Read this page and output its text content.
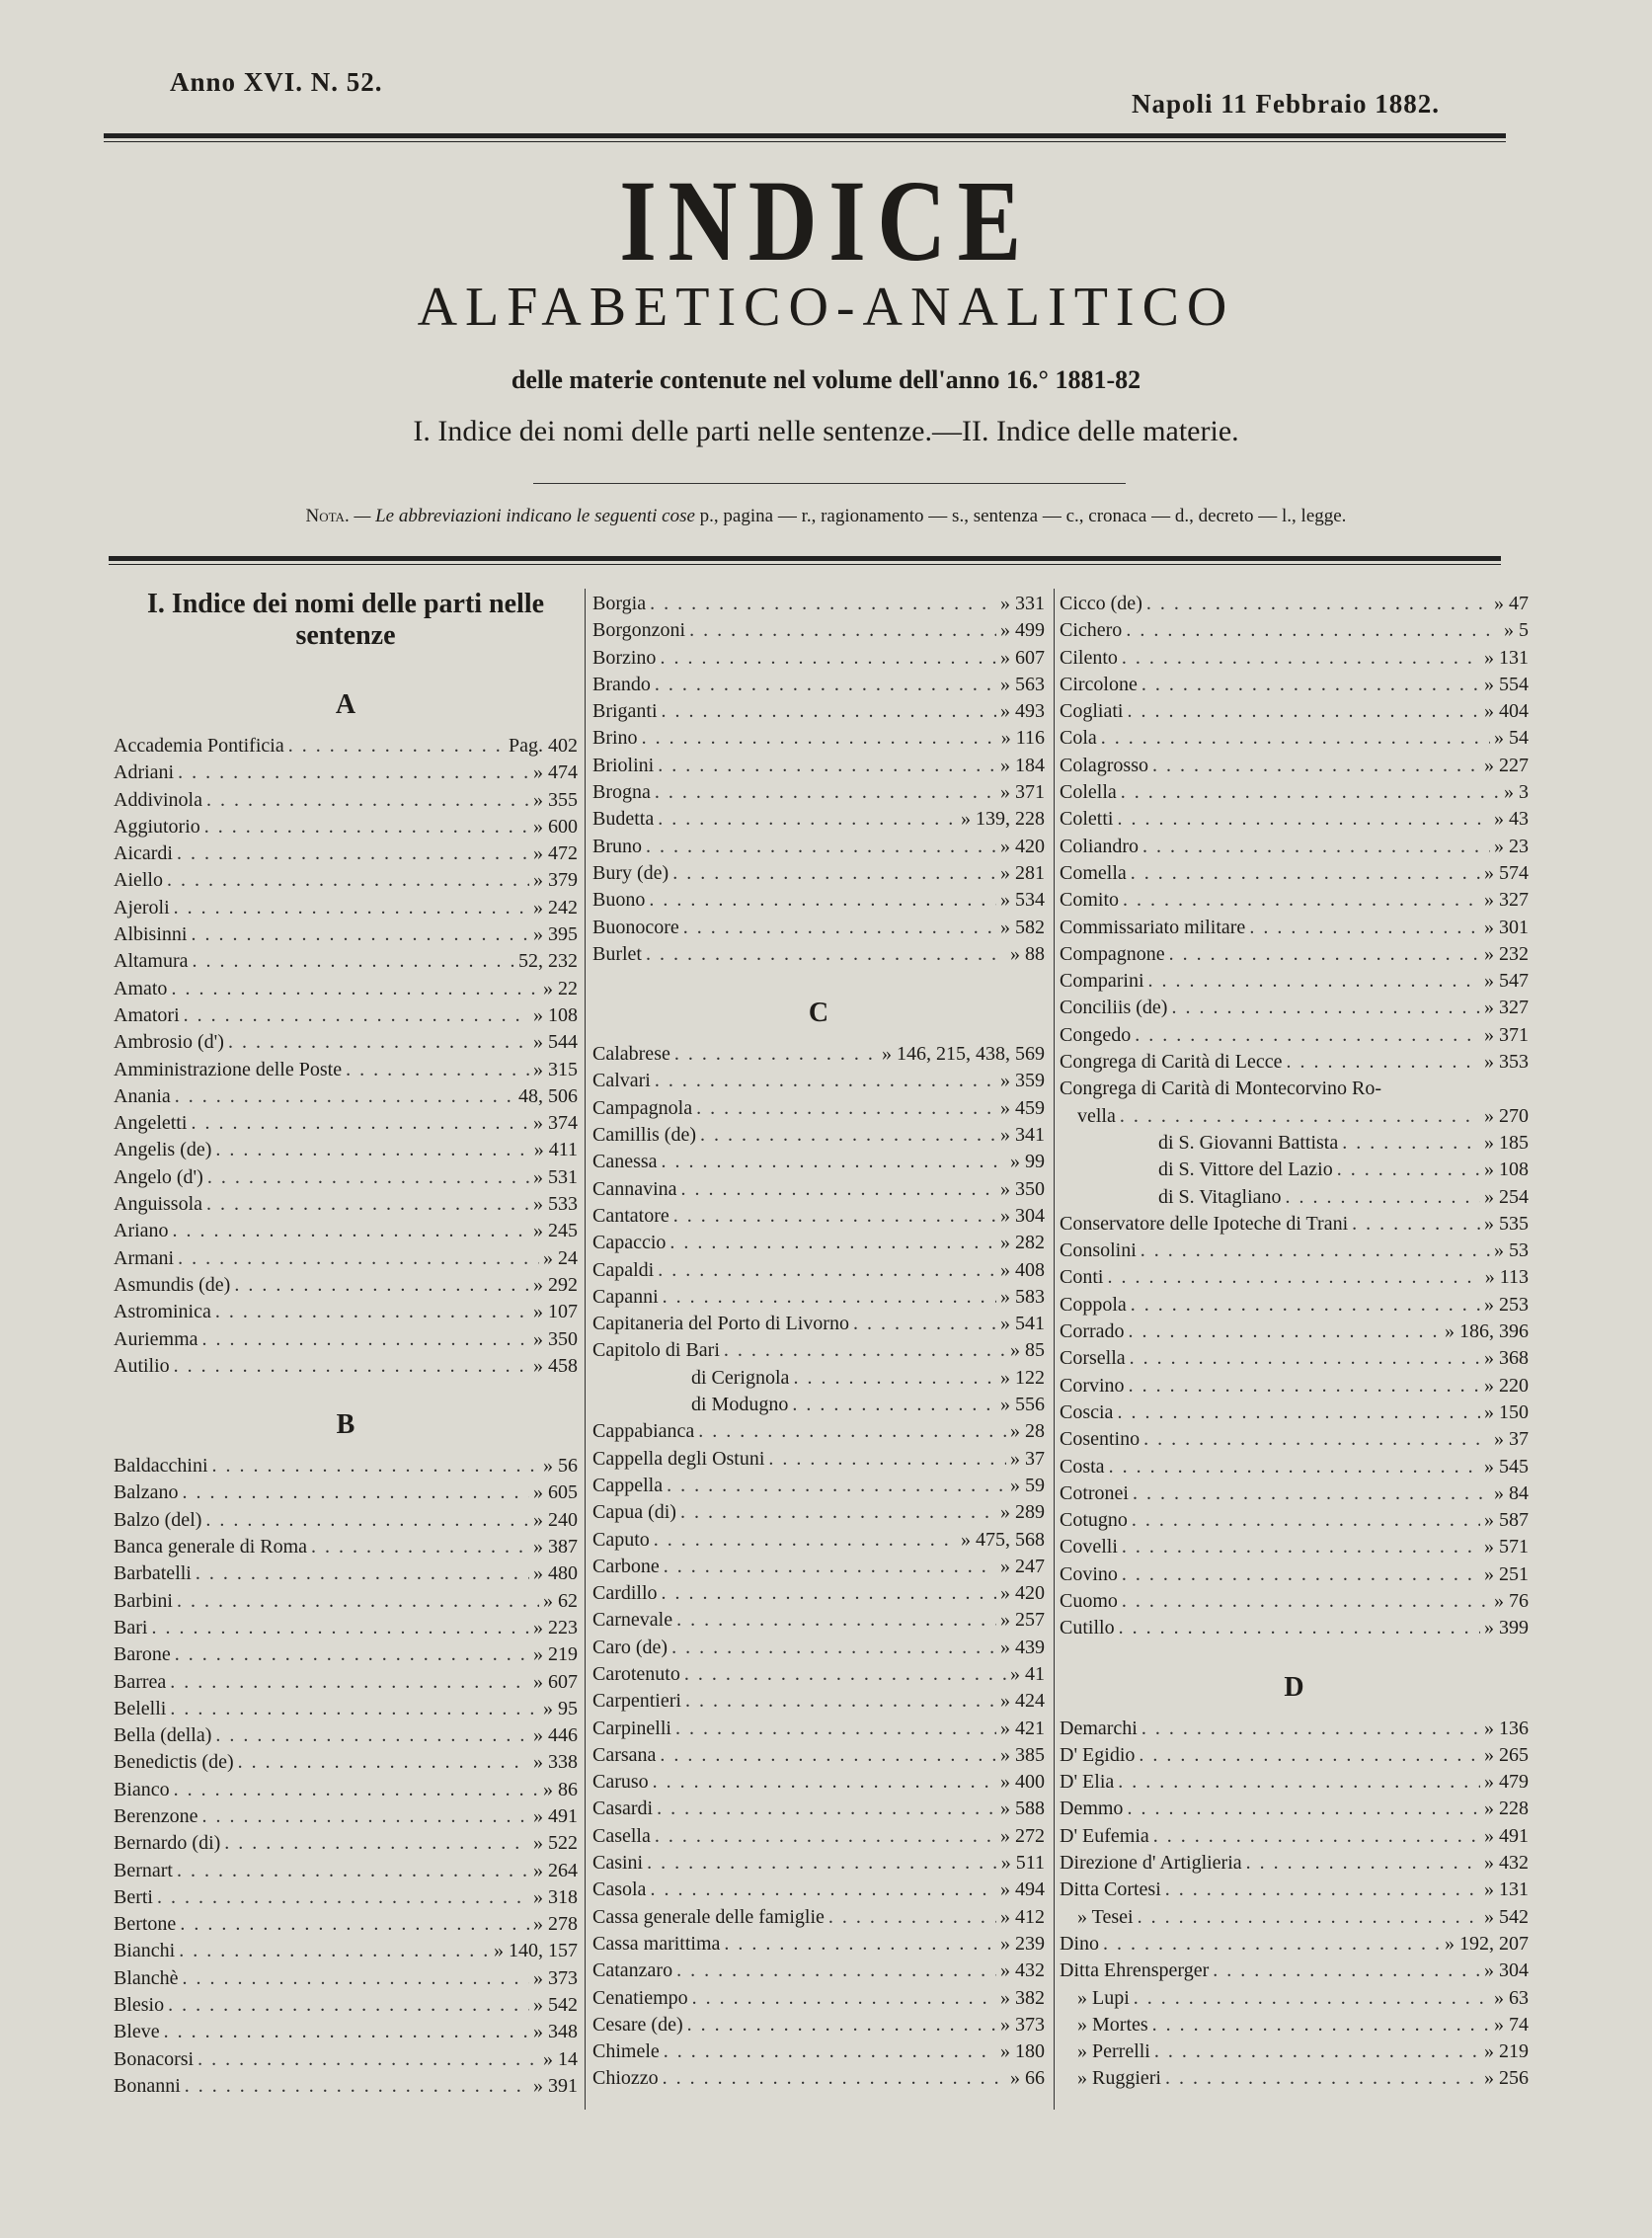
Anno XVI. N. 52.
Napoli 11 Febbraio 1882.
INDICE
ALFABETICO-ANALITICO
delle materie contenute nel volume dell'anno 16.° 1881-82
I. Indice dei nomi delle parti nelle sentenze.—II. Indice delle materie.
Nota. — Le abbreviazioni indicano le seguenti cose p., pagina — r., ragionamento — s., sentenza — c., cronaca — d., decreto — l., legge.
I. Indice dei nomi delle parti nelle sentenze
A
Accademia Pontificia . . .	Pag. 402
Adriani . . .	» 474
Addivinola . . .	» 355
Aggiutorio . . .	» 600
Aicardi . . .	» 472
Aiello . . .	» 379
Ajeroli . . .	» 242
Albisinni . . .	» 395
Altamura . . .	52, 232
Amato . . .	» 22
Amatori . . .	» 108
Ambrosio (d') . . .	» 544
Amministrazione delle Poste . . .	» 315
Anania . . .	48, 506
Angeletti . . .	» 374
Angelis (de) . . .	» 411
Angelo (d') . . .	» 531
Anguissola . . .	» 533
Ariano . . .	» 245
Armani . . .	» 24
Asmundis (de) . . .	» 292
Astrominica . . .	» 107
Auriemma . . .	» 350
Autilio . . .	» 458
B
Baldacchini . . .	» 56
Balzano . . .	» 605
Balzo (del) . . .	» 240
Banca generale di Roma . . .	» 387
Barbatelli . . .	» 480
Barbini . . .	» 62
Bari . . .	» 223
Barone . . .	» 219
Barrea . . .	» 607
Belelli . . .	» 95
Bella (della) . . .	» 446
Benedictis (de) . . .	» 338
Bianco . . .	» 86
Berenzone . . .	» 491
Bernardo (di) . . .	» 522
Bernart . . .	» 264
Berti . . .	» 318
Bertone . . .	» 278
Bianchi . . .	» 140, 157
Blanchè . . .	» 373
Blesio . . .	» 542
Bleve . . .	» 348
Bonacorsi . . .	» 14
Bonanni . . .	» 391
Borgia . . .	» 331
Borgonzoni . . .	» 499
Borzino . . .	» 607
Brando . . .	» 563
Briganti . . .	» 493
Brino . . .	» 116
Briolini . . .	» 184
Brogna . . .	» 371
Budetta . . .	» 139, 228
Bruno . . .	» 420
Bury (de) . . .	» 281
Buono . . .	» 534
Buonocore . . .	» 582
Burlet . . .	» 88
C
Calabrese . . .	» 146, 215, 438, 569
Calvari . . .	» 359
Campagnola . . .	» 459
Camillis (de) . . .	» 341
Canessa . . .	» 99
Cannavina . . .	» 350
Cantatore . . .	» 304
Capaccio . . .	» 282
Capaldi . . .	» 408
Capanni . . .	» 583
Capitaneria del Porto di Livorno . . .	» 541
Capitolo di Bari . . .	» 85
di Cerignola . . .	» 122
di Modugno . . .	» 556
Cappabianca . . .	» 28
Cappella degli Ostuni . . .	» 37
Cappella . . .	» 59
Capua (di) . . .	» 289
Caputo . . .	» 475, 568
Carbone . . .	» 247
Cardillo . . .	» 420
Carnevale . . .	» 257
Caro (de) . . .	» 439
Carotenuto . . .	» 41
Carpentieri . . .	» 424
Carpinelli . . .	» 421
Carsana . . .	» 385
Caruso . . .	» 400
Casardi . . .	» 588
Casella . . .	» 272
Casini . . .	» 511
Casola . . .	» 494
Cassa generale delle famiglie . . .	» 412
Cassa marittima . . .	» 239
Catanzaro . . .	» 432
Cenatiempo . . .	» 382
Cesare (de) . . .	» 373
Chimele . . .	» 180
Chiozzo . . .	» 66
Cicco (de) . . .	» 47
Cichero . . .	» 5
Cilento . . .	» 131
Circolone . . .	» 554
Cogliati . . .	» 404
Cola . . .	» 54
Colagrosso . . .	» 227
Colella . . .	» 3
Coletti . . .	» 43
Coliandro . . .	» 23
Comella . . .	» 574
Comito . . .	» 327
Commissariato militare . . .	» 301
Compagnone . . .	» 232
Comparini . . .	» 547
Conciliis (de) . . .	» 327
Congedo . . .	» 371
Congrega di Carità di Lecce . . .	» 353
Congrega di Carità di Montecorvino Ro-
vella . . .	» 270
di S. Giovanni Battista . . .	» 185
di S. Vittore del Lazio . . .	» 108
di S. Vitagliano . . .	» 254
Conservatore delle Ipoteche di Trani . . .	» 535
Consolini . . .	» 53
Conti . . .	» 113
Coppola . . .	» 253
Corrado . . .	» 186, 396
Corsella . . .	» 368
Corvino . . .	» 220
Coscia . . .	» 150
Cosentino . . .	» 37
Costa . . .	» 545
Cotronei . . .	» 84
Cotugno . . .	» 587
Covelli . . .	» 571
Covino . . .	» 251
Cuomo . . .	» 76
Cutillo . . .	» 399
D
Demarchi . . .	» 136
D' Egidio . . .	» 265
D' Elia . . .	» 479
Demmo . . .	» 228
D' Eufemia . . .	» 491
Direzione d' Artiglieria . . .	» 432
Ditta Cortesi . . .	» 131
» Tesei . . .	» 542
Dino . . .	» 192, 207
Ditta Ehrensperger . . .	» 304
» Lupi . . .	» 63
» Mortes . . .	» 74
» Perrelli . . .	» 219
» Ruggieri . . .	» 256
